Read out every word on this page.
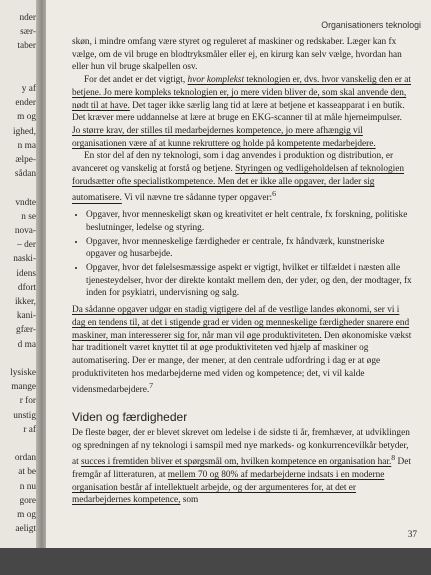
nder
sær-
taber
y af
ender
m og
ighed,
n ma
ælpe-
sådan
vndte
n se
nova-
– der
naski-
idens
dfort
ikker,
kani-
gfær-
d ma
lysiske
mange
r for
unstig
r af
ordan
at be
n nu
gore
m og
aeligt
Organisationers teknologi

skøn, i mindre omfang være styret og reguleret af maskiner og redskaber. Læger kan fx vælge, om de vil bruge en blodtryksmåler eller ej, en kirurg kan selv vælge, hvordan han eller hun vil bruge skalpellen osv.

For det andet er det vigtigt, hvor komplekst teknologien er, dvs. hvor vanskelig den er at betjene. Jo mere kompleks teknologien er, jo mere viden bliver de, som skal anvende den, nødt til at have. Det tager ikke særlig lang tid at lære at betjene et kasseapparat i en butik. Det kræver mere uddannelse at lære at bruge en EKG-scanner til at måle hjerneimpulser. Jo større krav, der stilles til medarbejdernes kompetence, jo mere afhængig vil organisationen være af at kunne rekruttere og holde på kompetente medarbejdere.

En stor del af den ny teknologi, som i dag anvendes i produktion og distribution, er avanceret og vanskelig at forstå og betjene. Styringen og vedligeholdelsen af teknologien forudsætter ofte specialistkompetence. Men det er ikke alle opgaver, der lader sig automatisere. Vi vil nævne tre sådanne typer opgaver:$^6$

• Opgaver, hvor menneskeligt skøn og kreativitet er helt centrale, fx forskning, politiske beslutninger, ledelse og styring.
• Opgaver, hvor menneskelige færdigheder er centrale, fx håndværk, kunstneriske opgaver og husarbejde.
• Opgaver, hvor det følelsesmæssige aspekt er vigtigt, hvilket er tilfældet i næsten alle tjenesteydelser, hvor der direkte kontakt mellem den, der yder, og den, der modtager, fx inden for psykiatri, undervisning og salg.

Da sådanne opgaver udgør en stadig vigtigere del af de vestlige landes økonomi, ser vi i dag en tendens til, at det i stigende grad er viden og menneskelige færdigheder snarere end maskiner, man interesserer sig for, når man vil øge produktiviteten. Den økonomiske vækst har traditionelt været knyttet til at øge produktiviteten ved hjælp af maskiner og automatisering. Der er mange, der mener, at den centrale udfordring i dag er at øge produktiviteten hos medarbejderne med viden og kompetence; det, vi vil kalde vidensmedarbejdere.$^7$

Viden og færdigheder

De fleste bøger, der er blevet skrevet om ledelse i de sidste ti år, fremhæver, at udviklingen og spredningen af ny teknologi i samspil med nye markeds- og konkurrencevilkår betyder, at succes i fremtiden bliver et spørgsmål om, hvilken kompetence en organisation har.$^8$ Det fremgår af litteraturen, at mellem 70 og 80% af medarbejderne indsats i en moderne organisation består af intellektuelt arbejde, og der argumenteres for, at det er medarbejdernes kompetence, som

37
